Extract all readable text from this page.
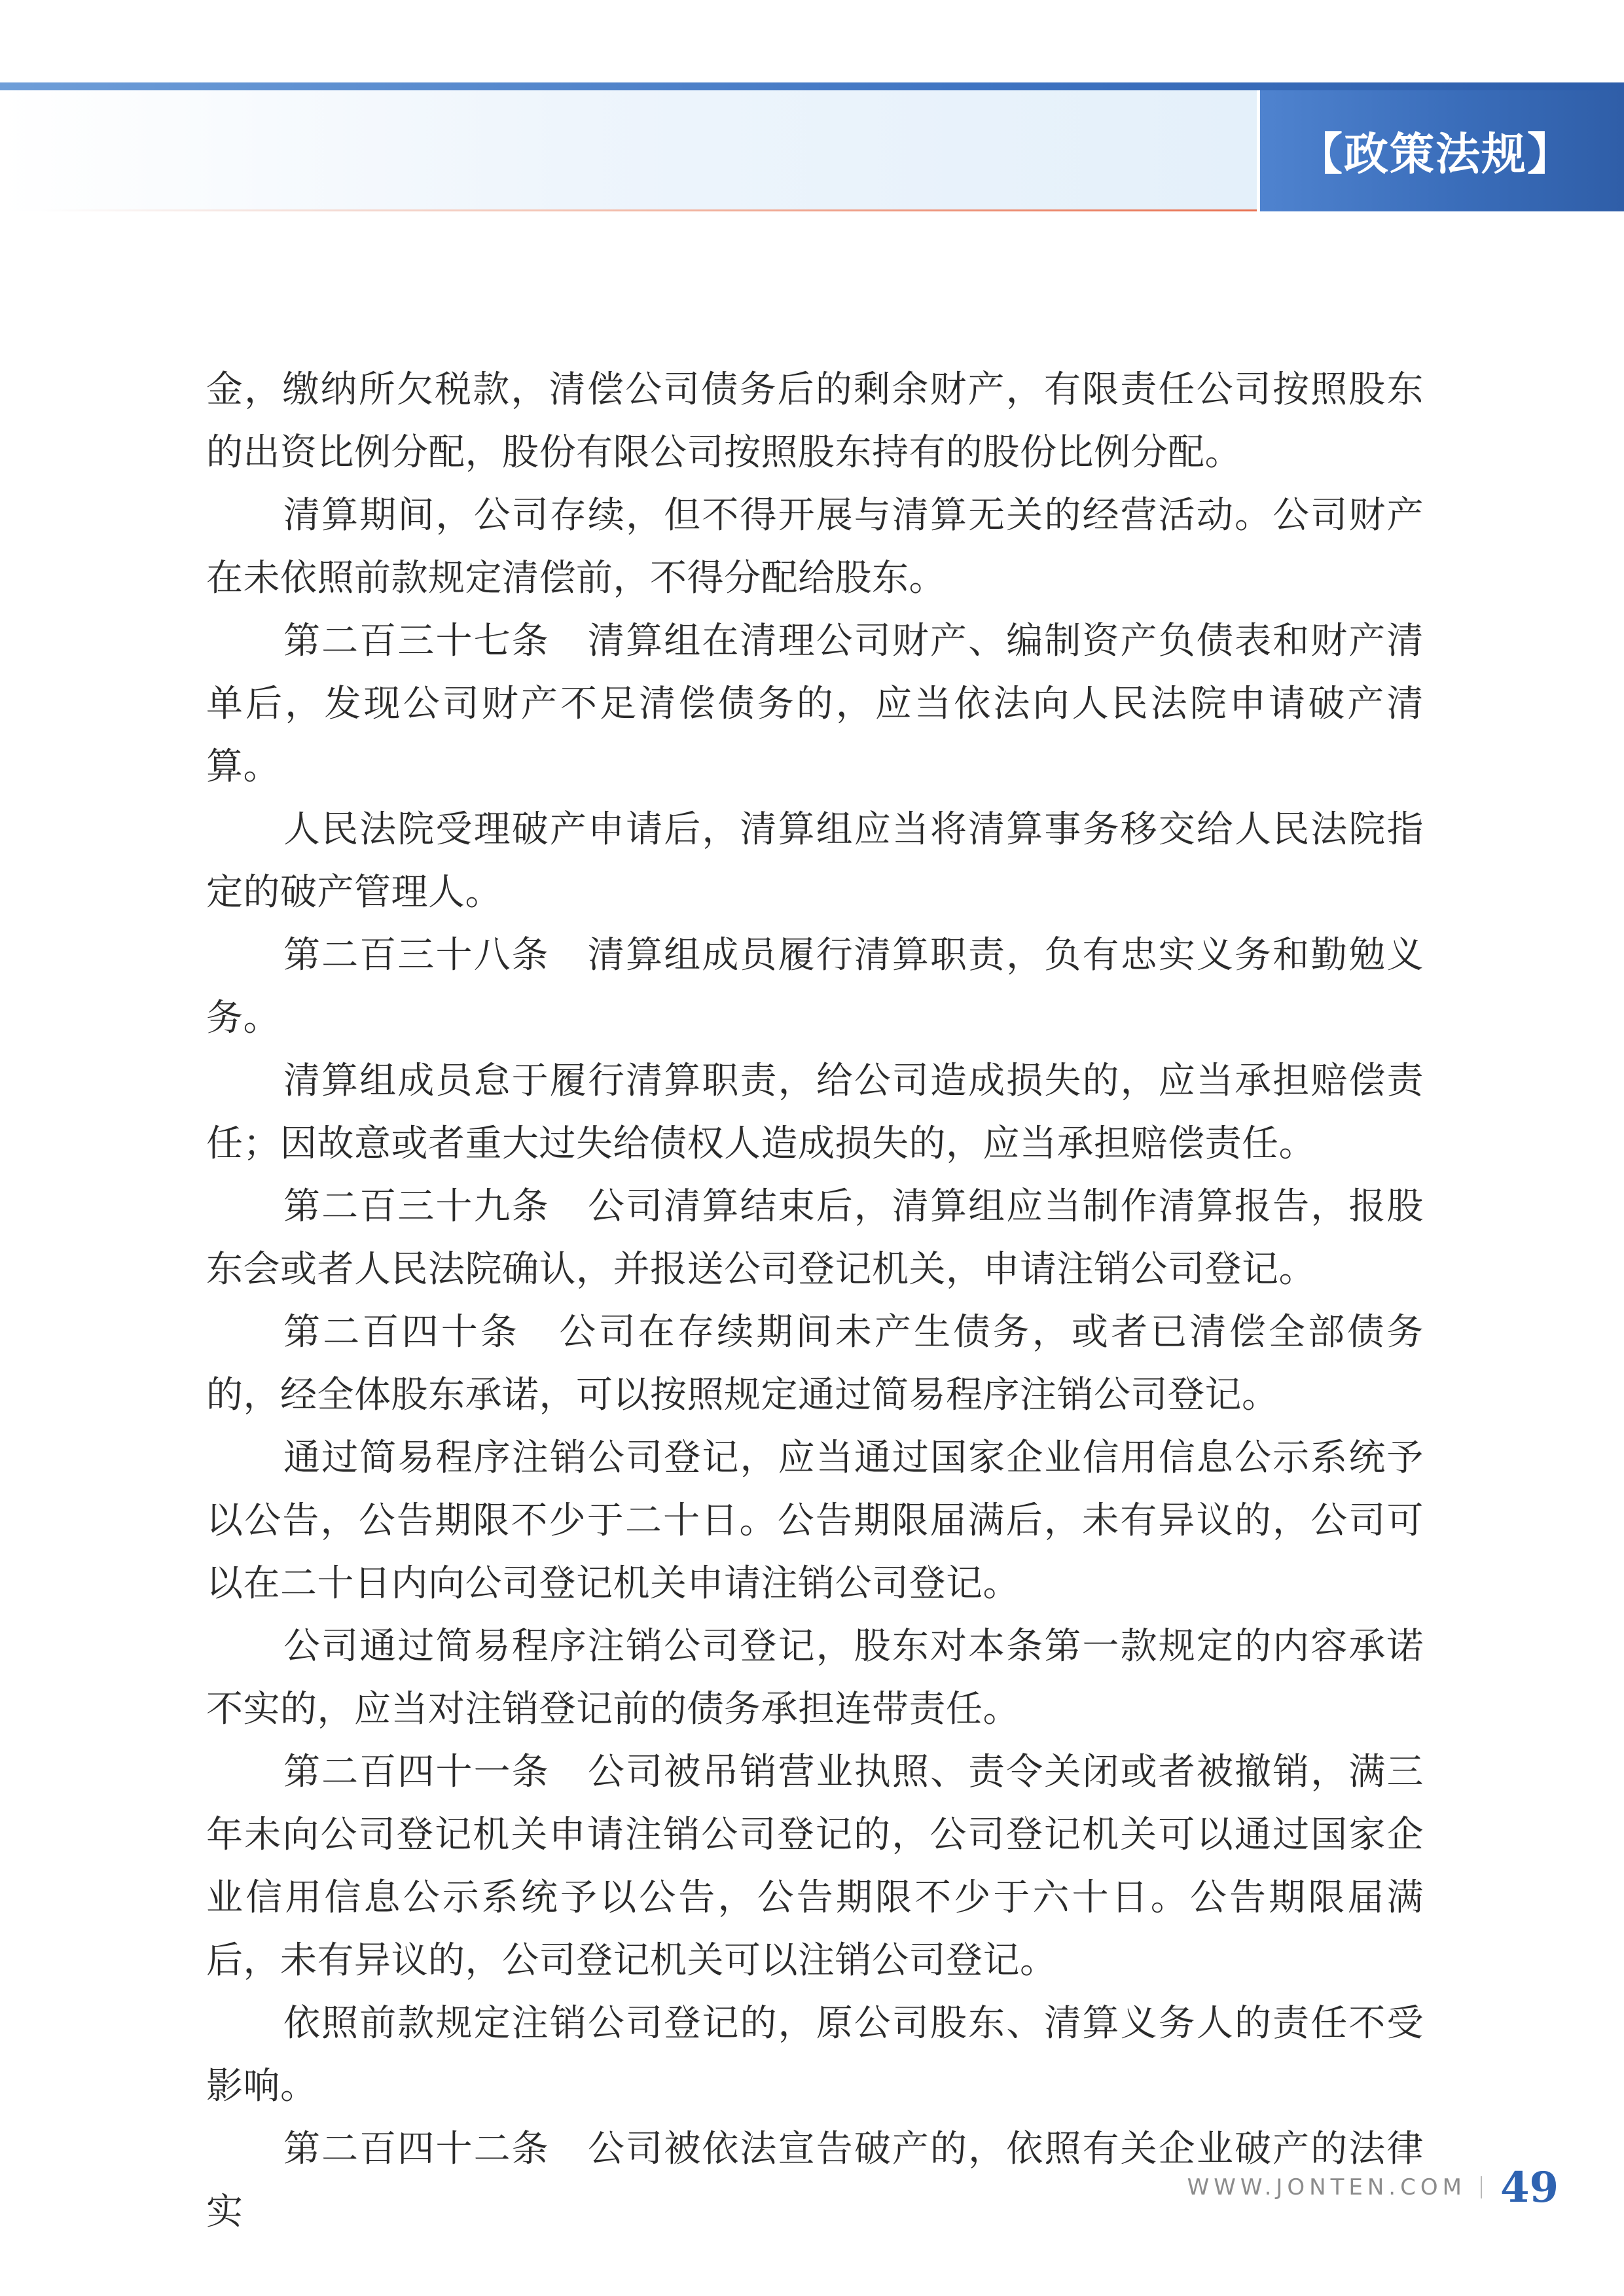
【政策法规】

金，缴纳所欠税款，清偿公司债务后的剩余财产，有限责任公司按照股东的出资比例分配，股份有限公司按照股东持有的股份比例分配。

清算期间，公司存续，但不得开展与清算无关的经营活动。公司财产在未依照前款规定清偿前，不得分配给股东。

第二百三十七条　清算组在清理公司财产、编制资产负债表和财产清单后，发现公司财产不足清偿债务的，应当依法向人民法院申请破产清算。

人民法院受理破产申请后，清算组应当将清算事务移交给人民法院指定的破产管理人。

第二百三十八条　清算组成员履行清算职责，负有忠实义务和勤勉义务。

清算组成员怠于履行清算职责，给公司造成损失的，应当承担赔偿责任；因故意或者重大过失给债权人造成损失的，应当承担赔偿责任。

第二百三十九条　公司清算结束后，清算组应当制作清算报告，报股东会或者人民法院确认，并报送公司登记机关，申请注销公司登记。

第二百四十条　公司在存续期间未产生债务，或者已清偿全部债务的，经全体股东承诺，可以按照规定通过简易程序注销公司登记。

通过简易程序注销公司登记，应当通过国家企业信用信息公示系统予以公告，公告期限不少于二十日。公告期限届满后，未有异议的，公司可以在二十日内向公司登记机关申请注销公司登记。

公司通过简易程序注销公司登记，股东对本条第一款规定的内容承诺不实的，应当对注销登记前的债务承担连带责任。

第二百四十一条　公司被吊销营业执照、责令关闭或者被撤销，满三年未向公司登记机关申请注销公司登记的，公司登记机关可以通过国家企业信用信息公示系统予以公告，公告期限不少于六十日。公告期限届满后，未有异议的，公司登记机关可以注销公司登记。

依照前款规定注销公司登记的，原公司股东、清算义务人的责任不受影响。

第二百四十二条　公司被依法宣告破产的，依照有关企业破产的法律实

WWW.JONTEN.COM 49
